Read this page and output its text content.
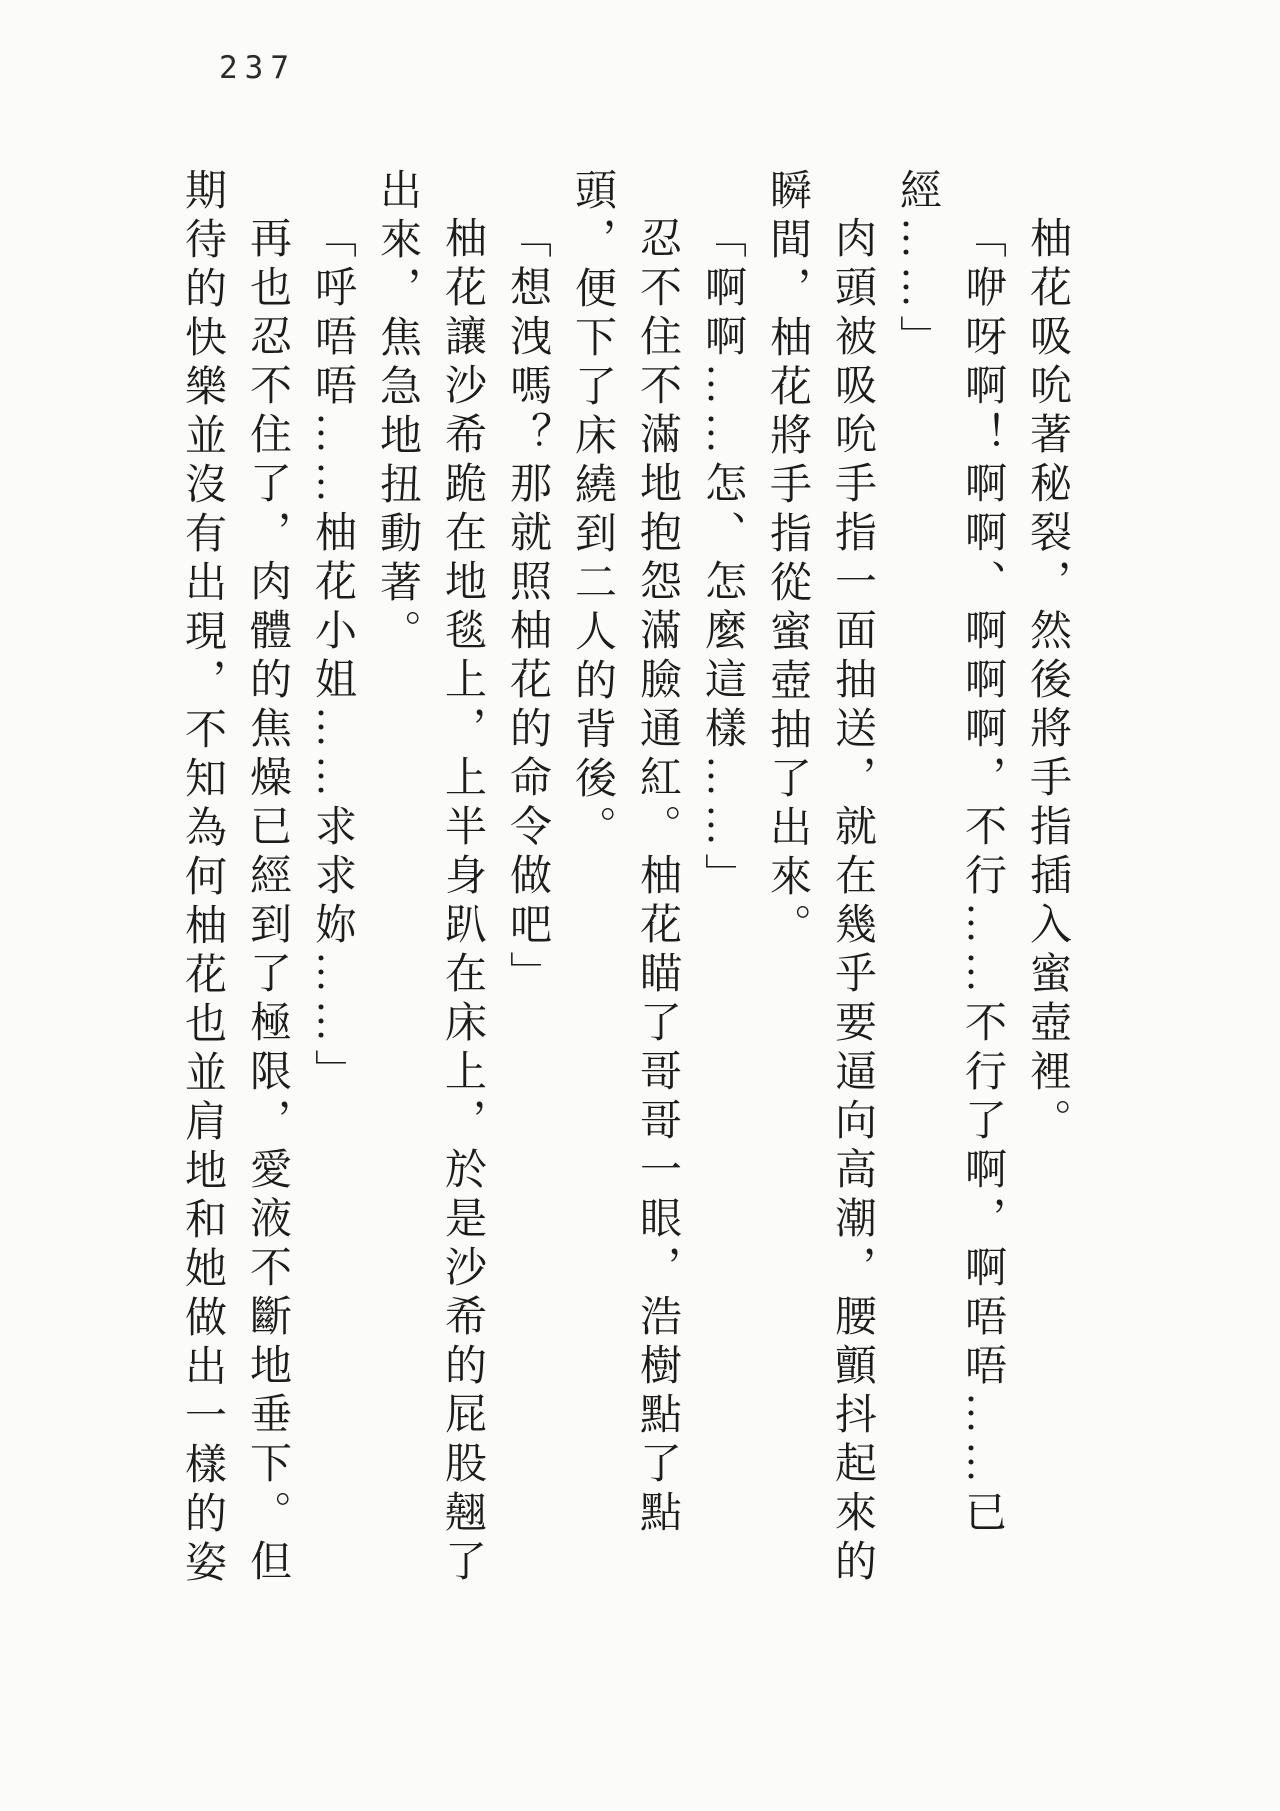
237
柚花吸吮著秘裂，然後將手指插入蜜壺裡。
「咿呀啊！啊啊、啊啊啊，不行……不行了啊，啊唔唔……已
經……」
肉頭被吸吮手指一面抽送，就在幾乎要逼向高潮，腰顫抖起來的
瞬間，柚花將手指從蜜壺抽了出來。
「啊啊……怎、怎麼這樣……」
忍不住不滿地抱怨滿臉通紅。柚花瞄了哥哥一眼，浩樹點了點
頭，便下了床繞到二人的背後。
「想洩嗎？那就照柚花的命令做吧」
柚花讓沙希跪在地毯上，上半身趴在床上，於是沙希的屁股翹了
出來，焦急地扭動著。
「呼唔唔……柚花小姐……求求妳……」
再也忍不住了，肉體的焦燥已經到了極限，愛液不斷地垂下。但
期待的快樂並沒有出現，不知為何柚花也並肩地和她做出一樣的姿
